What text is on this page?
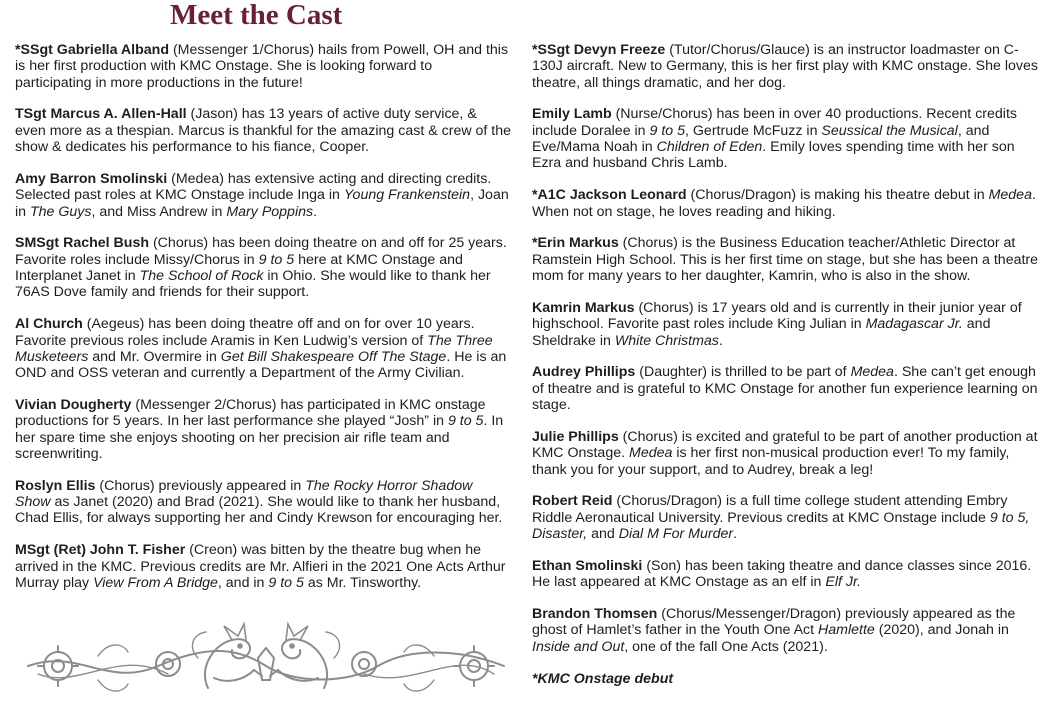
Meet the Cast

*SSgt Gabriella Alband (Messenger 1/Chorus) hails from Powell, OH and this is her first production with KMC Onstage. She is looking forward to participating in more productions in the future!

TSgt Marcus A. Allen-Hall (Jason) has 13 years of active duty service, & even more as a thespian. Marcus is thankful for the amazing cast & crew of the show & dedicates his performance to his fiance, Cooper.

Amy Barron Smolinski (Medea) has extensive acting and directing credits. Selected past roles at KMC Onstage include Inga in Young Frankenstein, Joan in The Guys, and Miss Andrew in Mary Poppins.

SMSgt Rachel Bush (Chorus) has been doing theatre on and off for 25 years. Favorite roles include Missy/Chorus in 9 to 5 here at KMC Onstage and Interplanet Janet in The School of Rock in Ohio. She would like to thank her 76AS Dove family and friends for their support.

Al Church (Aegeus) has been doing theatre off and on for over 10 years. Favorite previous roles include Aramis in Ken Ludwig’s version of The Three Musketeers and Mr. Overmire in Get Bill Shakespeare Off The Stage. He is an OND and OSS veteran and currently a Department of the Army Civilian.

Vivian Dougherty (Messenger 2/Chorus) has participated in KMC onstage productions for 5 years. In her last performance she played “Josh” in 9 to 5. In her spare time she enjoys shooting on her precision air rifle team and screenwriting.

Roslyn Ellis (Chorus) previously appeared in The Rocky Horror Shadow Show as Janet (2020) and Brad (2021). She would like to thank her husband, Chad Ellis, for always supporting her and Cindy Krewson for encouraging her.

MSgt (Ret) John T. Fisher (Creon) was bitten by the theatre bug when he arrived in the KMC. Previous credits are Mr. Alfieri in the 2021 One Acts Arthur Murray play View From A Bridge, and in 9 to 5 as Mr. Tinsworthy.

*SSgt Devyn Freeze (Tutor/Chorus/Glauce) is an instructor loadmaster on C-130J aircraft. New to Germany, this is her first play with KMC onstage. She loves theatre, all things dramatic, and her dog.

Emily Lamb (Nurse/Chorus) has been in over 40 productions. Recent credits include Doralee in 9 to 5, Gertrude McFuzz in Seussical the Musical, and Eve/Mama Noah in Children of Eden. Emily loves spending time with her son Ezra and husband Chris Lamb.

*A1C Jackson Leonard (Chorus/Dragon) is making his theatre debut in Medea. When not on stage, he loves reading and hiking.

*Erin Markus (Chorus) is the Business Education teacher/Athletic Director at Ramstein High School. This is her first time on stage, but she has been a theatre mom for many years to her daughter, Kamrin, who is also in the show.

Kamrin Markus (Chorus) is 17 years old and is currently in their junior year of highschool. Favorite past roles include King Julian in Madagascar Jr. and Sheldrake in White Christmas.

Audrey Phillips (Daughter) is thrilled to be part of Medea. She can’t get enough of theatre and is grateful to KMC Onstage for another fun experience learning on stage.

Julie Phillips (Chorus) is excited and grateful to be part of another production at KMC Onstage. Medea is her first non-musical production ever! To my family, thank you for your support, and to Audrey, break a leg!

Robert Reid (Chorus/Dragon) is a full time college student attending Embry Riddle Aeronautical University. Previous credits at KMC Onstage include 9 to 5, Disaster, and Dial M For Murder.

Ethan Smolinski (Son) has been taking theatre and dance classes since 2016. He last appeared at KMC Onstage as an elf in Elf Jr.

Brandon Thomsen (Chorus/Messenger/Dragon) previously appeared as the ghost of Hamlet’s father in the Youth One Act Hamlette (2020), and Jonah in Inside and Out, one of the fall One Acts (2021).

*KMC Onstage debut
